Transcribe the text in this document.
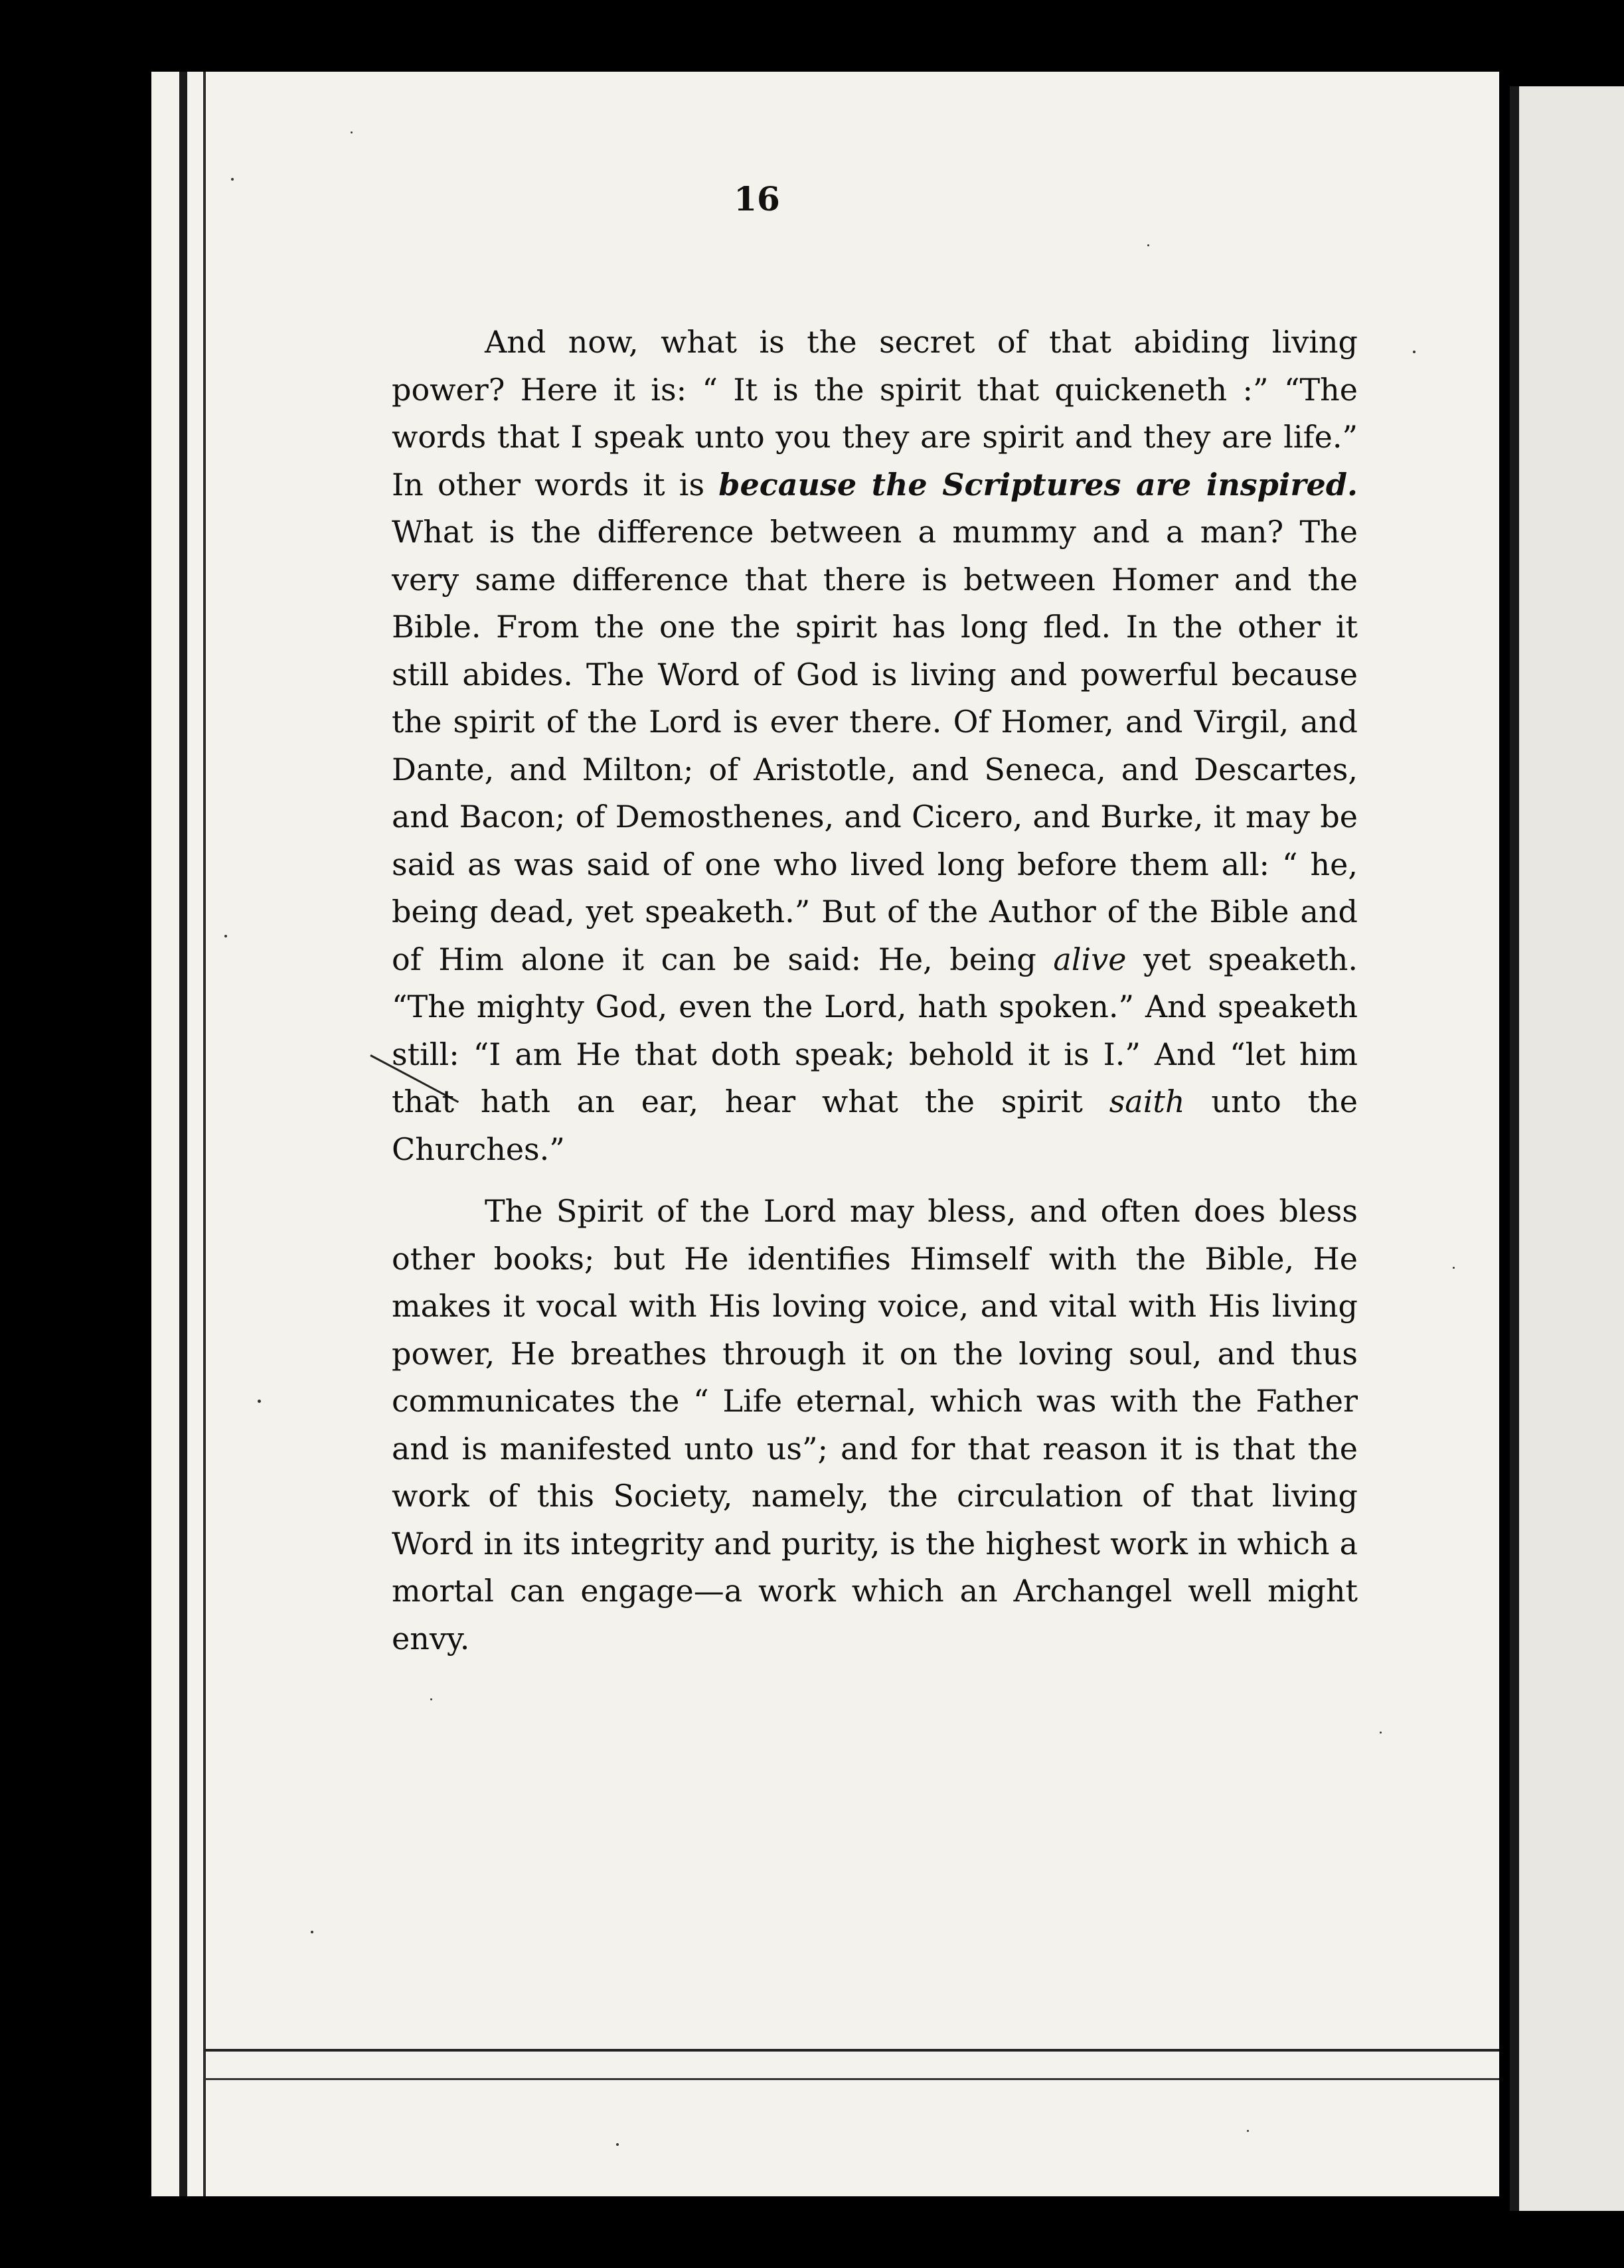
16

And now, what is the secret of that abiding living power? Here it is: “ It is the spirit that quickeneth :” “The words that I speak unto you they are spirit and they are life.” In other words it is because the Scriptures are inspired. What is the difference between a mummy and a man? The very same difference that there is between Homer and the Bible. From the one the spirit has long fled. In the other it still abides. The Word of God is living and powerful because the spirit of the Lord is ever there. Of Homer, and Virgil, and Dante, and Milton; of Aristotle, and Seneca, and Descartes, and Bacon; of Demosthenes, and Cicero, and Burke, it may be said as was said of one who lived long before them all: “ he, being dead, yet speaketh.” But of the Author of the Bible and of Him alone it can be said: He, being alive yet speaketh. “The mighty God, even the Lord, hath spoken.” And speaketh still: “I am He that doth speak; behold it is I.” And “let him that hath an ear, hear what the spirit saith unto the Churches.”

The Spirit of the Lord may bless, and often does bless other books; but He identifies Himself with the Bible, He makes it vocal with His loving voice, and vital with His living power, He breathes through it on the loving soul, and thus communicates the “ Life eternal, which was with the Father and is manifested unto us”; and for that reason it is that the work of this Society, namely, the circulation of that living Word in its integrity and purity, is the highest work in which a mortal can engage—a work which an Archangel well might envy.
